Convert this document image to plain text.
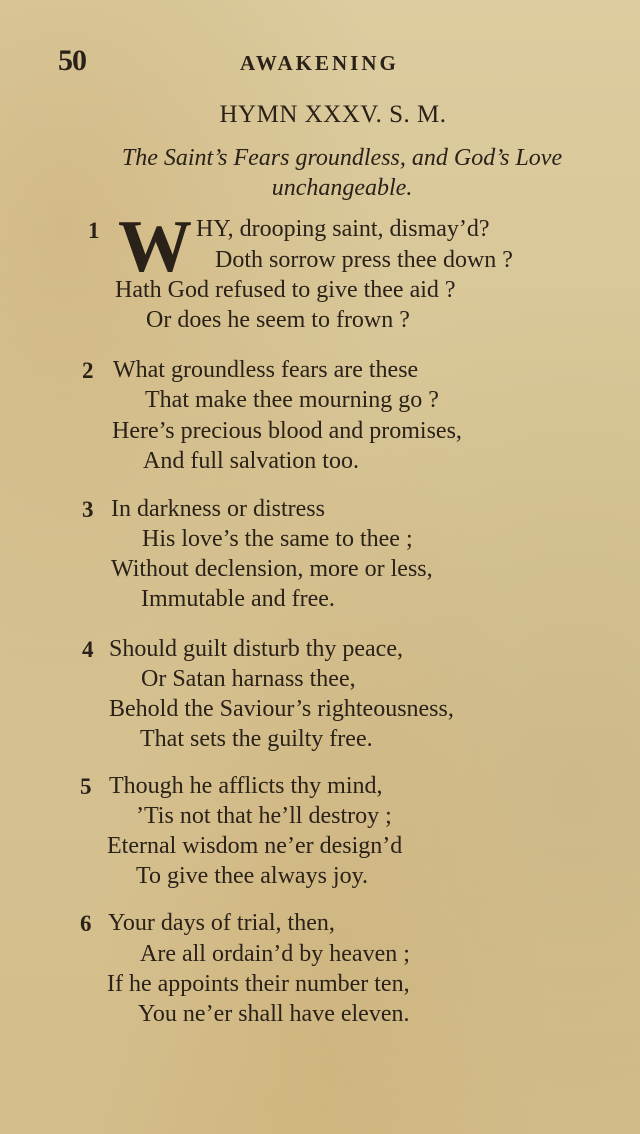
50	AWAKENING
HYMN XXXV. S. M.
The Saint’s Fears groundless, and God’s Love
unchangeable.
1 W HY, drooping saint, dismay’d?
Doth sorrow press thee down ?
Hath God refused to give thee aid ?
Or does he seem to frown ?
2 What groundless fears are these
That make thee mourning go ?
Here’s precious blood and promises,
And full salvation too.
3 In darkness or distress
His love’s the same to thee ;
Without declension, more or less,
Immutable and free.
4 Should guilt disturb thy peace,
Or Satan harnass thee,
Behold the Saviour’s righteousness,
That sets the guilty free.
5 Though he afflicts thy mind,
’Tis not that he’ll destroy ;
Eternal wisdom ne’er design’d
To give thee always joy.
6 Your days of trial, then,
Are all ordain’d by heaven ;
If he appoints their number ten,
You ne’er shall have eleven.
